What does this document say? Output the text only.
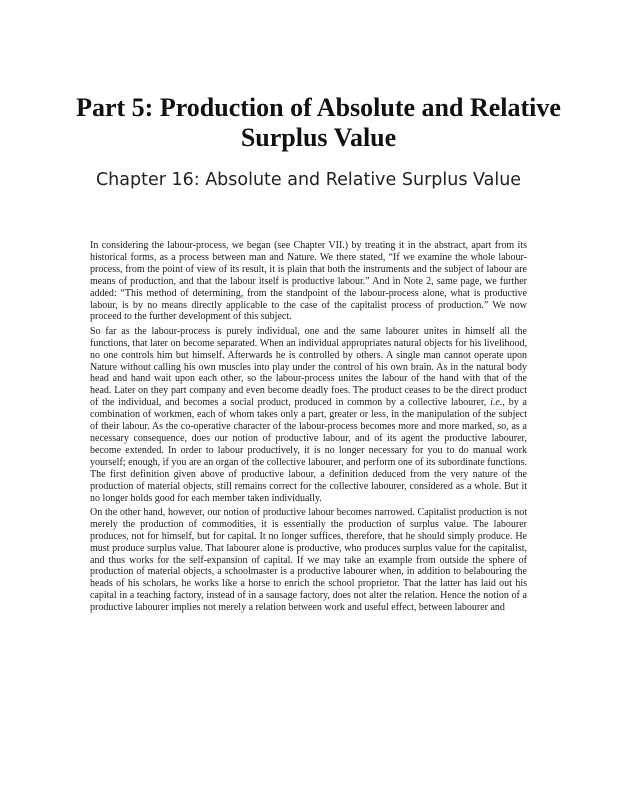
Part 5: Production of Absolute and Relative Surplus Value
Chapter 16: Absolute and Relative Surplus Value

In considering the labour-process, we began (see Chapter VII.) by treating it in the abstract, apart from its historical forms, as a process between man and Nature. We there stated, “If we examine the whole labour-process, from the point of view of its result, it is plain that both the instruments and the subject of labour are means of production, and that the labour itself is productive labour.” And in Note 2, same page, we further added: “This method of determining, from the standpoint of the labour-process alone, what is productive labour, is by no means directly applicable to the case of the capitalist process of production.” We now proceed to the further development of this subject.

So far as the labour-process is purely individual, one and the same labourer unites in himself all the functions, that later on become separated. When an individual appropriates natural objects for his livelihood, no one controls him but himself. Afterwards he is controlled by others. A single man cannot operate upon Nature without calling his own muscles into play under the control of his own brain. As in the natural body head and hand wait upon each other, so the labour-process unites the labour of the hand with that of the head. Later on they part company and even become deadly foes. The product ceases to be the direct product of the individual, and becomes a social product, produced in common by a collective labourer, i.e., by a combination of workmen, each of whom takes only a part, greater or less, in the manipulation of the subject of their labour. As the co-operative character of the labour-process becomes more and more marked, so, as a necessary consequence, does our notion of productive labour, and of its agent the productive labourer, become extended. In order to labour productively, it is no longer necessary for you to do manual work yourself; enough, if you are an organ of the collective labourer, and perform one of its subordinate functions. The first definition given above of productive labour, a definition deduced from the very nature of the production of material objects, still remains correct for the collective labourer, considered as a whole. But it no longer holds good for each member taken individually.

On the other hand, however, our notion of productive labour becomes narrowed. Capitalist production is not merely the production of commodities, it is essentially the production of surplus value. The labourer produces, not for himself, but for capital. It no longer suffices, therefore, that he should simply produce. He must produce surplus value. That labourer alone is productive, who produces surplus value for the capitalist, and thus works for the self-expansion of capital. If we may take an example from outside the sphere of production of material objects, a schoolmaster is a productive labourer when, in addition to belabouring the heads of his scholars, he works like a horse to enrich the school proprietor. That the latter has laid out his capital in a teaching factory, instead of in a sausage factory, does not alter the relation. Hence the notion of a productive labourer implies not merely a relation between work and useful effect, between labourer and
